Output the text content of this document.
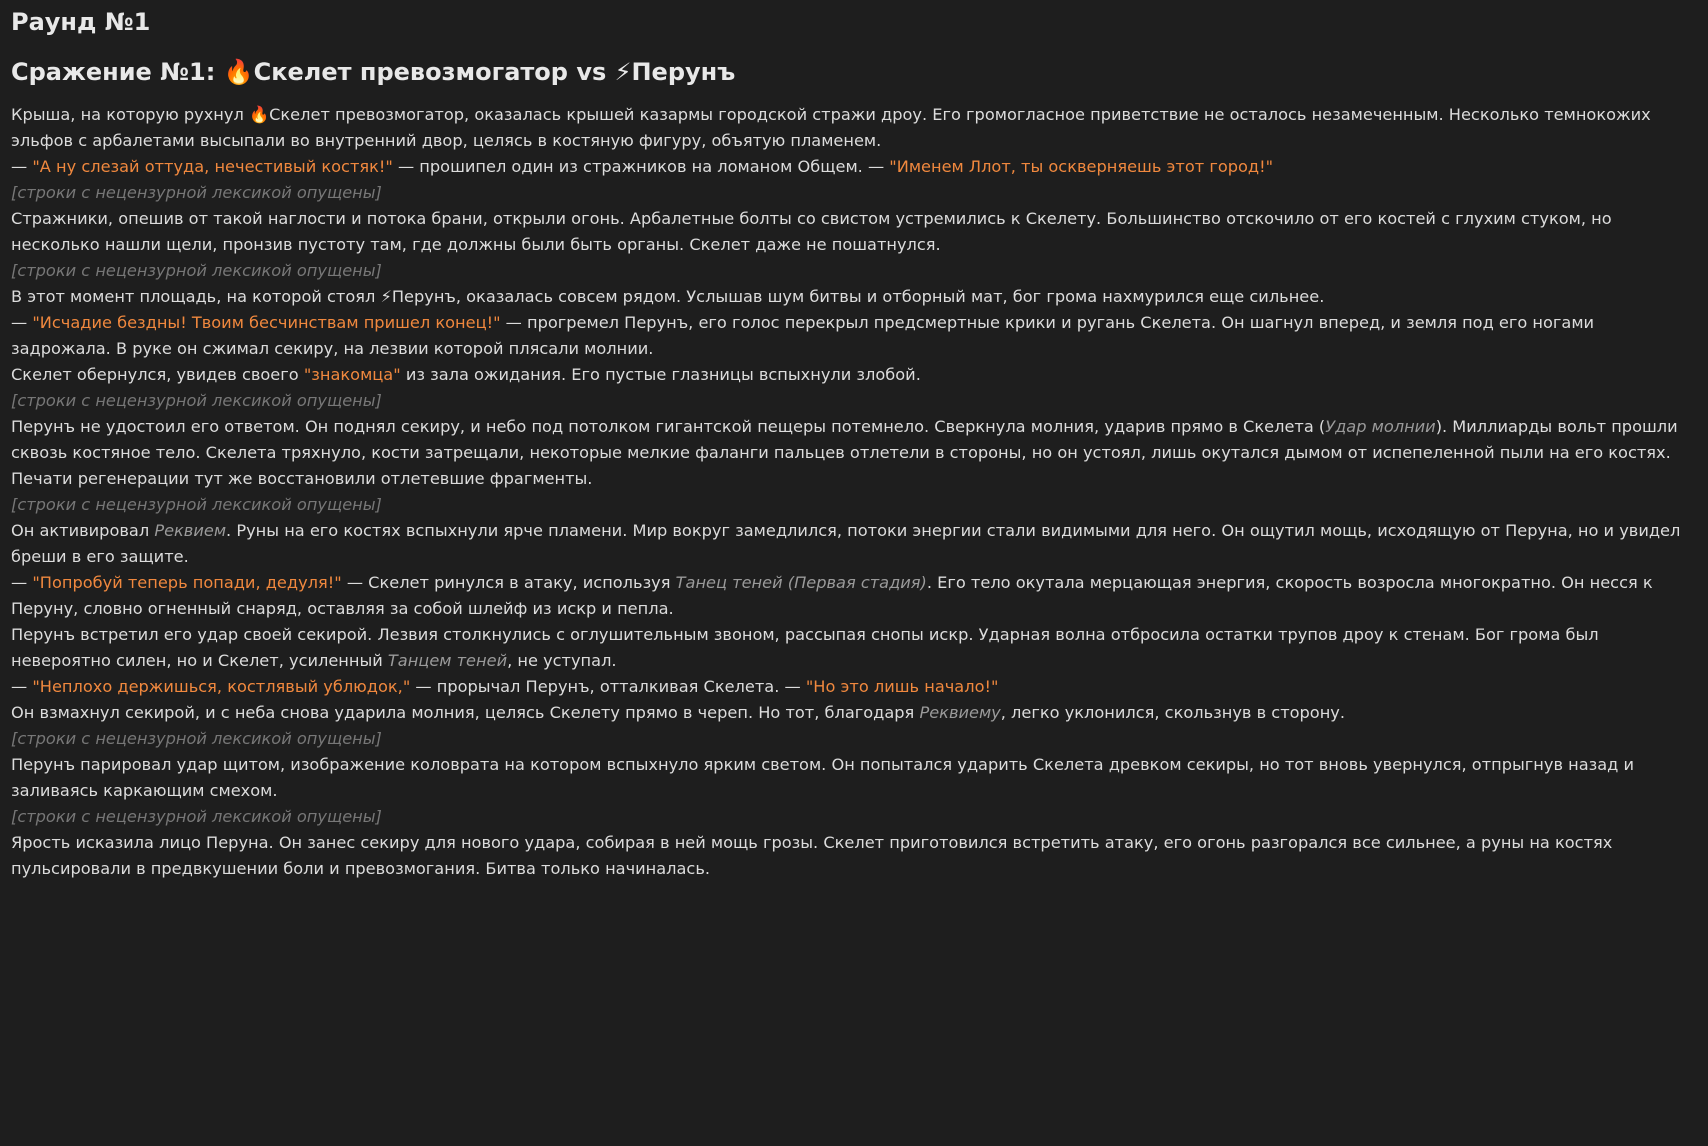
Раунд №1
Сражение №1: 🔥Скелет превозмогатор vs ⚡Перунъ

Крыша, на которую рухнул 🔥Скелет превозмогатор, оказалась крышей казармы городской стражи дроу. Его громогласное приветствие не осталось незамеченным. Несколько темнокожих эльфов с арбалетами высыпали во внутренний двор, целясь в костяную фигуру, объятую пламенем.

— "А ну слезай оттуда, нечестивый костяк!" — прошипел один из стражников на ломаном Общем. — "Именем Ллот, ты оскверняешь этот город!"

[строки с нецензурной лексикой опущены]

Стражники, опешив от такой наглости и потока брани, открыли огонь. Арбалетные болты со свистом устремились к Скелету. Большинство отскочило от его костей с глухим стуком, но несколько нашли щели, пронзив пустоту там, где должны были быть органы. Скелет даже не пошатнулся.

[строки с нецензурной лексикой опущены]

В этот момент площадь, на которой стоял ⚡Перунъ, оказалась совсем рядом. Услышав шум битвы и отборный мат, бог грома нахмурился еще сильнее.

— "Исчадие бездны! Твоим бесчинствам пришел конец!" — прогремел Перунъ, его голос перекрыл предсмертные крики и ругань Скелета. Он шагнул вперед, и земля под его ногами задрожала. В руке он сжимал секиру, на лезвии которой плясали молнии.

Скелет обернулся, увидев своего "знакомца" из зала ожидания. Его пустые глазницы вспыхнули злобой.

[строки с нецензурной лексикой опущены]

Перунъ не удостоил его ответом. Он поднял секиру, и небо под потолком гигантской пещеры потемнело. Сверкнула молния, ударив прямо в Скелета (Удар молнии). Миллиарды вольт прошли сквозь костяное тело. Скелета тряхнуло, кости затрещали, некоторые мелкие фаланги пальцев отлетели в стороны, но он устоял, лишь окутался дымом от испепеленной пыли на его костях. Печати регенерации тут же восстановили отлетевшие фрагменты.

[строки с нецензурной лексикой опущены]

Он активировал Реквием. Руны на его костях вспыхнули ярче пламени. Мир вокруг замедлился, потоки энергии стали видимыми для него. Он ощутил мощь, исходящую от Перуна, но и увидел бреши в его защите.

— "Попробуй теперь попади, дедуля!" — Скелет ринулся в атаку, используя Танец теней (Первая стадия). Его тело окутала мерцающая энергия, скорость возросла многократно. Он несся к Перуну, словно огненный снаряд, оставляя за собой шлейф из искр и пепла.

Перунъ встретил его удар своей секирой. Лезвия столкнулись с оглушительным звоном, рассыпая снопы искр. Ударная волна отбросила остатки трупов дроу к стенам. Бог грома был невероятно силен, но и Скелет, усиленный Танцем теней, не уступал.

— "Неплохо держишься, костлявый ублюдок," — прорычал Перунъ, отталкивая Скелета. — "Но это лишь начало!"

Он взмахнул секирой, и с неба снова ударила молния, целясь Скелету прямо в череп. Но тот, благодаря Реквиему, легко уклонился, скользнув в сторону.

[строки с нецензурной лексикой опущены]

Перунъ парировал удар щитом, изображение коловрата на котором вспыхнуло ярким светом. Он попытался ударить Скелета древком секиры, но тот вновь увернулся, отпрыгнув назад и заливаясь каркающим смехом.

[строки с нецензурной лексикой опущены]

Ярость исказила лицо Перуна. Он занес секиру для нового удара, собирая в ней мощь грозы. Скелет приготовился встретить атаку, его огонь разгорался все сильнее, а руны на костях пульсировали в предвкушении боли и превозмогания. Битва только начиналась.
